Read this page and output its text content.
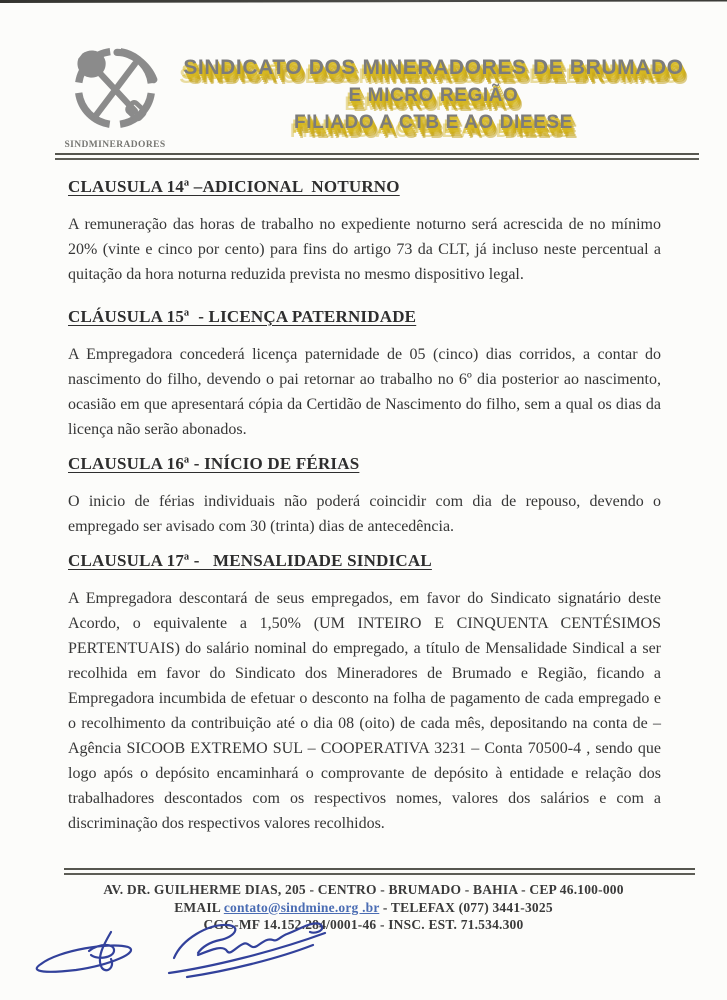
SINDMINERADORES
SINDICATO DOS MINERADORES DE BRUMADO
E MICRO REGIÃO
FILIADO A CTB E AO DIEESE
CLAUSULA 14ª –ADICIONAL  NOTURNO

A remuneração das horas de trabalho no expediente noturno será acrescida de no mínimo 20% (vinte e cinco por cento) para fins do artigo 73 da CLT, já incluso neste percentual a quitação da hora noturna reduzida prevista no mesmo dispositivo legal.

CLÁUSULA 15ª  - LICENÇA PATERNIDADE

A Empregadora concederá licença paternidade de 05 (cinco) dias corridos, a contar do nascimento do filho, devendo o pai retornar ao trabalho no 6º dia posterior ao nascimento, ocasião em que apresentará cópia da Certidão de Nascimento do filho, sem a qual os dias da licença não serão abonados.

CLAUSULA 16ª - INÍCIO DE FÉRIAS

O inicio de férias individuais não poderá coincidir com dia de repouso, devendo o empregado ser avisado com 30 (trinta) dias de antecedência.

CLAUSULA 17ª -   MENSALIDADE SINDICAL

A Empregadora descontará de seus empregados, em favor do Sindicato signatário deste Acordo, o equivalente a 1,50% (UM INTEIRO E CINQUENTA CENTÉSIMOS PERTENTUAIS) do salário nominal do empregado, a título de Mensalidade Sindical a ser recolhida em favor do Sindicato dos Mineradores de Brumado e Região, ficando a Empregadora incumbida de efetuar o desconto na folha de pagamento de cada empregado e o recolhimento da contribuição até o dia 08 (oito) de cada mês, depositando na conta de – Agência SICOOB EXTREMO SUL – COOPERATIVA 3231 – Conta 70500-4 , sendo que logo após o depósito encaminhará o comprovante de depósito à entidade e relação dos trabalhadores descontados com os respectivos nomes, valores dos salários e com a discriminação dos respectivos valores recolhidos.

AV. DR. GUILHERME DIAS, 205 - CENTRO - BRUMADO - BAHIA - CEP 46.100-000
EMAIL contato@sindmine.org .br - TELEFAX (077) 3441-3025
CGC-MF 14.152.284/0001-46 - INSC. EST. 71.534.300
